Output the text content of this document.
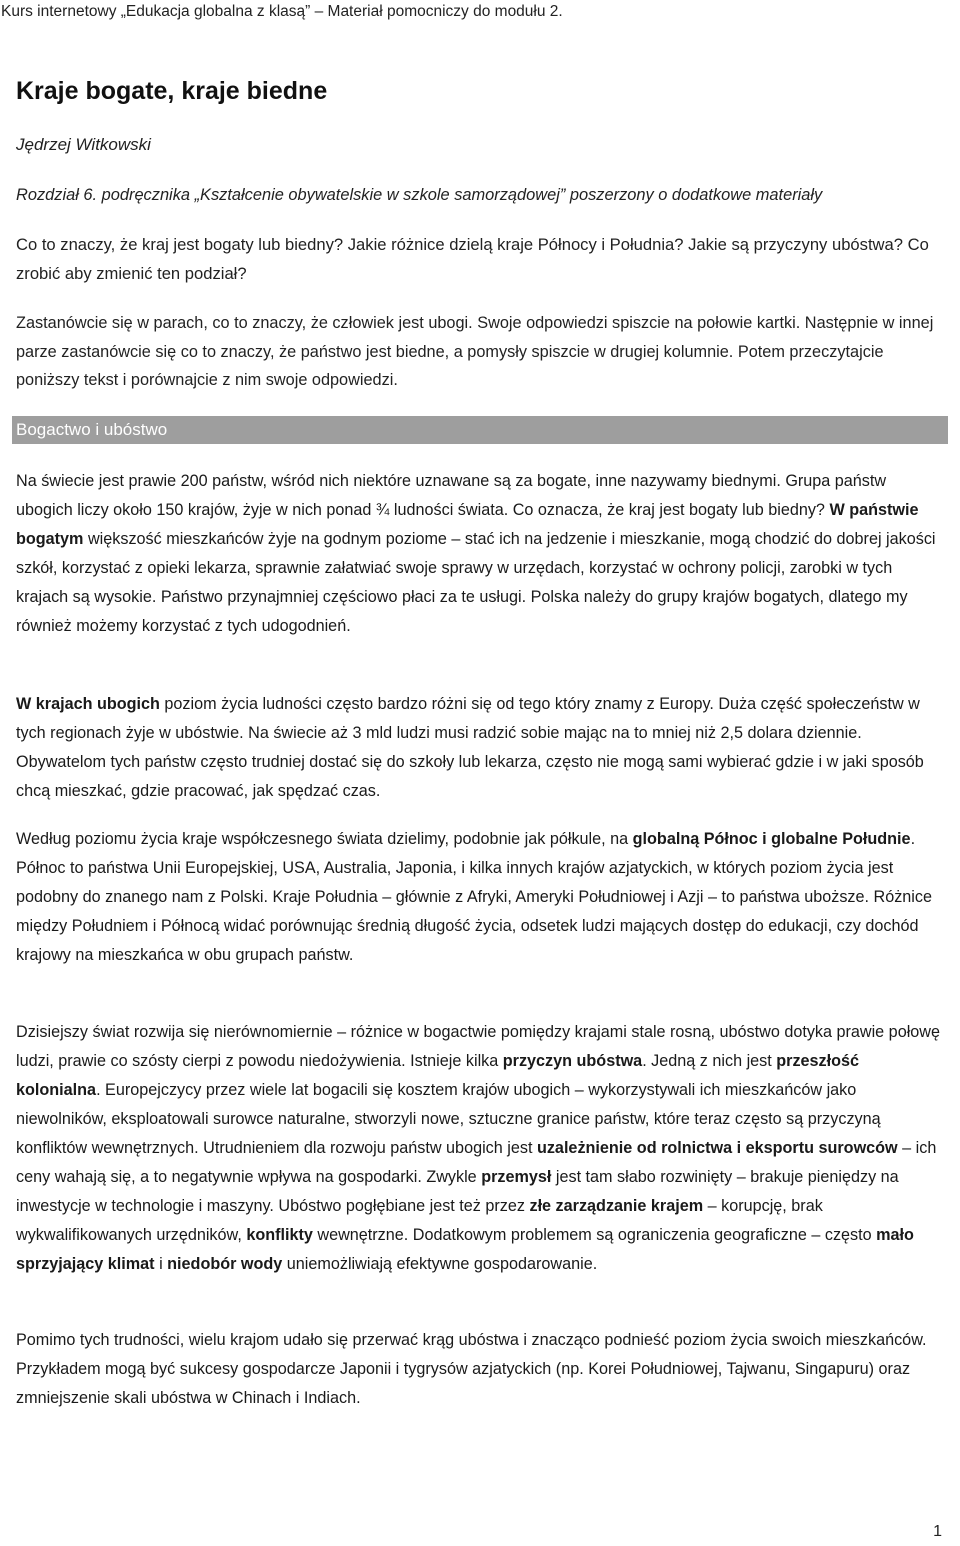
Kurs internetowy „Edukacja globalna z klasą” – Materiał pomocniczy do modułu 2.
Kraje bogate, kraje biedne
Jędrzej Witkowski
Rozdział 6. podręcznika „Kształcenie obywatelskie w szkole samorządowej” poszerzony o dodatkowe materiały
Co to znaczy, że kraj jest bogaty lub biedny? Jakie różnice dzielą kraje Północy i Południa? Jakie są przyczyny ubóstwa? Co zrobić aby zmienić ten podział?
Zastanówcie się w parach, co to znaczy, że człowiek jest ubogi. Swoje odpowiedzi spiszcie na połowie kartki. Następnie w innej parze zastanówcie się co to znaczy, że państwo jest biedne, a pomysły spiszcie w drugiej kolumnie. Potem przeczytajcie poniższy tekst i porównajcie z nim swoje odpowiedzi.
Bogactwo i ubóstwo
Na świecie jest prawie 200 państw, wśród nich niektóre uznawane są za bogate, inne nazywamy biednymi. Grupa państw ubogich liczy około 150 krajów, żyje w nich ponad ¾ ludności świata. Co oznacza, że kraj jest bogaty lub biedny? W państwie bogatym większość mieszkańców żyje na godnym poziome – stać ich na jedzenie i mieszkanie, mogą chodzić do dobrej jakości szkół, korzystać z opieki lekarza, sprawnie załatwiać swoje sprawy w urzędach, korzystać w ochrony policji, zarobki w tych krajach są wysokie. Państwo przynajmniej częściowo płaci za te usługi. Polska należy do grupy krajów bogatych, dlatego my również możemy korzystać z tych udogodnień.
W krajach ubogich poziom życia ludności często bardzo różni się od tego który znamy z Europy. Duża część społeczeństw w tych regionach żyje w ubóstwie. Na świecie aż 3 mld ludzi musi radzić sobie mając na to mniej niż 2,5 dolara dziennie. Obywatelom tych państw często trudniej dostać się do szkoły lub lekarza, często nie mogą sami wybierać gdzie i w jaki sposób chcą mieszkać, gdzie pracować, jak spędzać czas.
Według poziomu życia kraje współczesnego świata dzielimy, podobnie jak półkule, na globalną Północ i globalne Południe. Północ to państwa Unii Europejskiej, USA, Australia, Japonia, i kilka innych krajów azjatyckich, w których poziom życia jest podobny do znanego nam z Polski. Kraje Południa – głównie z Afryki, Ameryki Południowej i Azji – to państwa uboższe. Różnice między Południem i Północą widać porównując średnią długość życia, odsetek ludzi mających dostęp do edukacji, czy dochód krajowy na mieszkańca w obu grupach państw.
Dzisiejszy świat rozwija się nierównomiernie – różnice w bogactwie pomiędzy krajami stale rosną, ubóstwo dotyka prawie połowę ludzi, prawie co szósty cierpi z powodu niedożywienia. Istnieje kilka przyczyn ubóstwa. Jedną z nich jest przeszłość kolonialna. Europejczycy przez wiele lat bogacili się kosztem krajów ubogich – wykorzystywali ich mieszkańców jako niewolników, eksploatowali surowce naturalne, stworzyli nowe, sztuczne granice państw, które teraz często są przyczyną konfliktów wewnętrznych. Utrudnieniem dla rozwoju państw ubogich jest uzależnienie od rolnictwa i eksportu surowców – ich ceny wahają się, a to negatywnie wpływa na gospodarki. Zwykle przemysł jest tam słabo rozwinięty – brakuje pieniędzy na inwestycje w technologie i maszyny. Ubóstwo pogłębiane jest też przez złe zarządzanie krajem – korupcję, brak wykwalifikowanych urzędników, konflikty wewnętrzne. Dodatkowym problemem są ograniczenia geograficzne – często mało sprzyjający klimat i niedobór wody uniemożliwiają efektywne gospodarowanie.
Pomimo tych trudności, wielu krajom udało się przerwać krąg ubóstwa i znacząco podnieść poziom życia swoich mieszkańców. Przykładem mogą być sukcesy gospodarcze Japonii i tygrysów azjatyckich (np. Korei Południowej, Tajwanu, Singapuru) oraz zmniejszenie skali ubóstwa w Chinach i Indiach.
1
